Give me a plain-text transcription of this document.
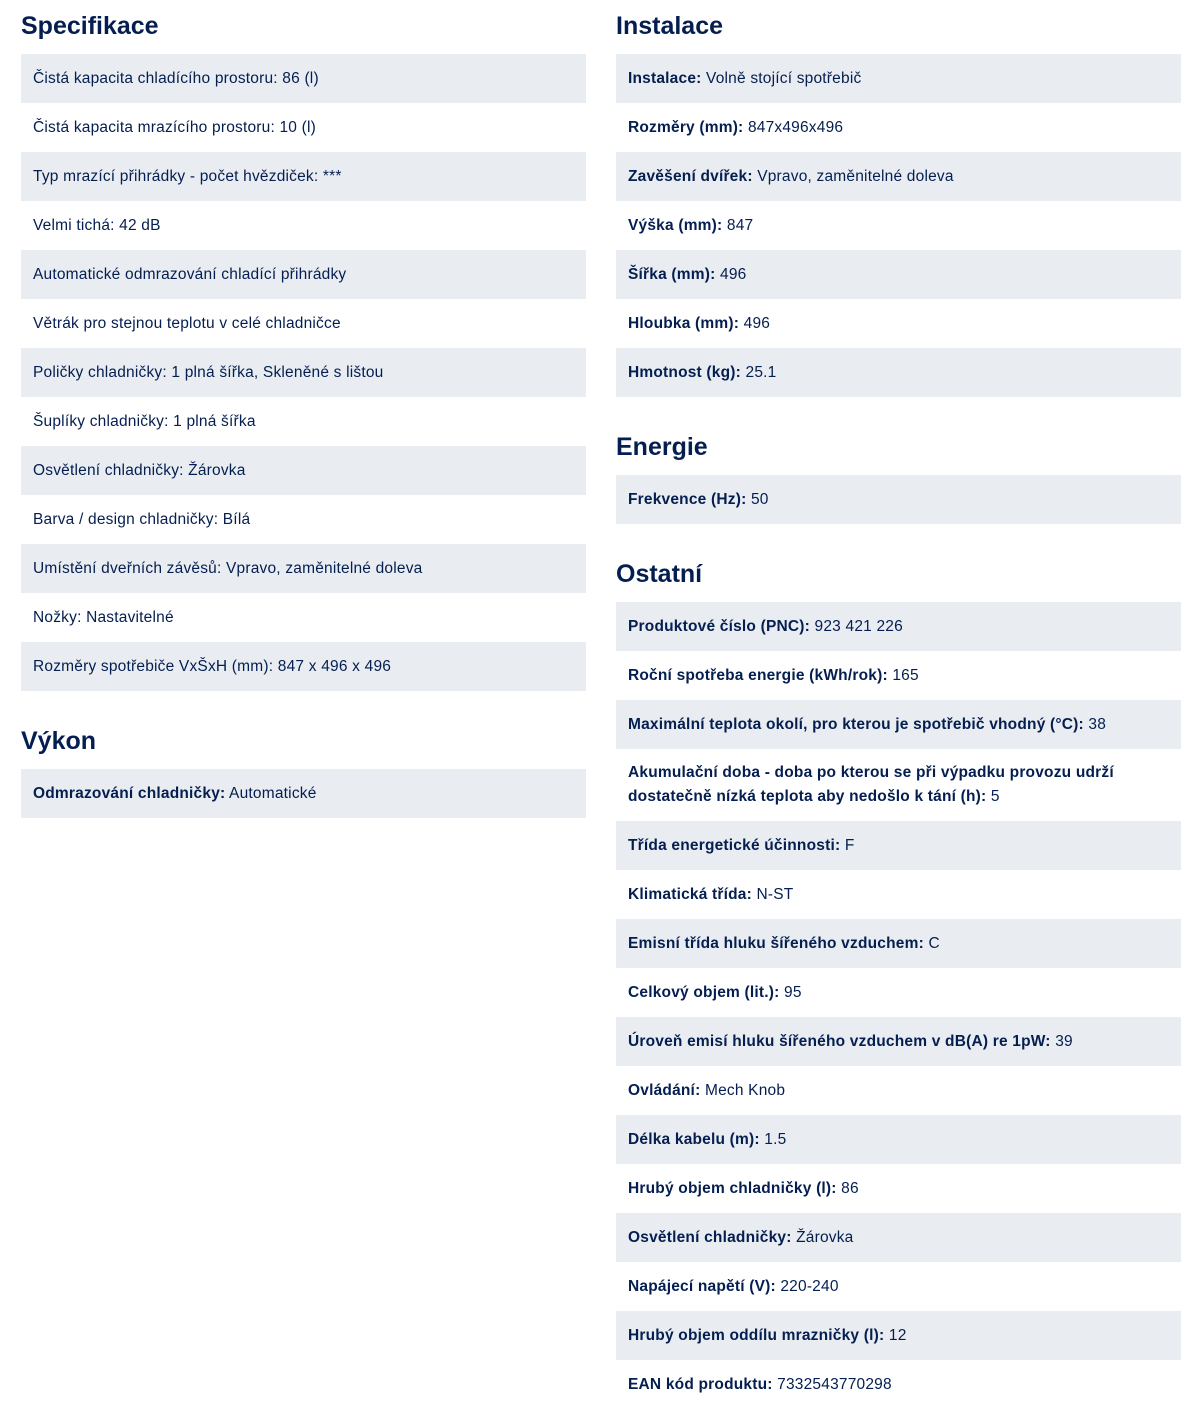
Specifikace
Čistá kapacita chladícího prostoru: 86 (l)
Čistá kapacita mrazícího prostoru: 10 (l)
Typ mrazící přihrádky - počet hvězdiček: ***
Velmi tichá: 42 dB
Automatické odmrazování chladící přihrádky
Větrák pro stejnou teplotu v celé chladničce
Poličky chladničky: 1 plná šířka, Skleněné s lištou
Šuplíky chladničky: 1 plná šířka
Osvětlení chladničky: Žárovka
Barva / design chladničky: Bílá
Umístění dveřních závěsů: Vpravo, zaměnitelné doleva
Nožky: Nastavitelné
Rozměry spotřebiče VxŠxH (mm): 847 x 496 x 496
Výkon
Odmrazování chladničky: Automatické
Instalace
Instalace: Volně stojící spotřebič
Rozměry (mm): 847x496x496
Zavěšení dvířek: Vpravo, zaměnitelné doleva
Výška (mm): 847
Šířka (mm): 496
Hloubka (mm): 496
Hmotnost (kg): 25.1
Energie
Frekvence (Hz): 50
Ostatní
Produktové číslo (PNC): 923 421 226
Roční spotřeba energie (kWh/rok): 165
Maximální teplota okolí, pro kterou je spotřebič vhodný (°C): 38
Akumulační doba - doba po kterou se při výpadku provozu udrží dostatečně nízká teplota aby nedošlo k tání (h): 5
Třída energetické účinnosti: F
Klimatická třída: N-ST
Emisní třída hluku šířeného vzduchem: C
Celkový objem (lit.): 95
Úroveň emisí hluku šířeného vzduchem v dB(A) re 1pW: 39
Ovládání: Mech Knob
Délka kabelu (m): 1.5
Hrubý objem chladničky (l): 86
Osvětlení chladničky: Žárovka
Napájecí napětí (V): 220-240
Hrubý objem oddílu mrazničky (l): 12
EAN kód produktu: 7332543770298
